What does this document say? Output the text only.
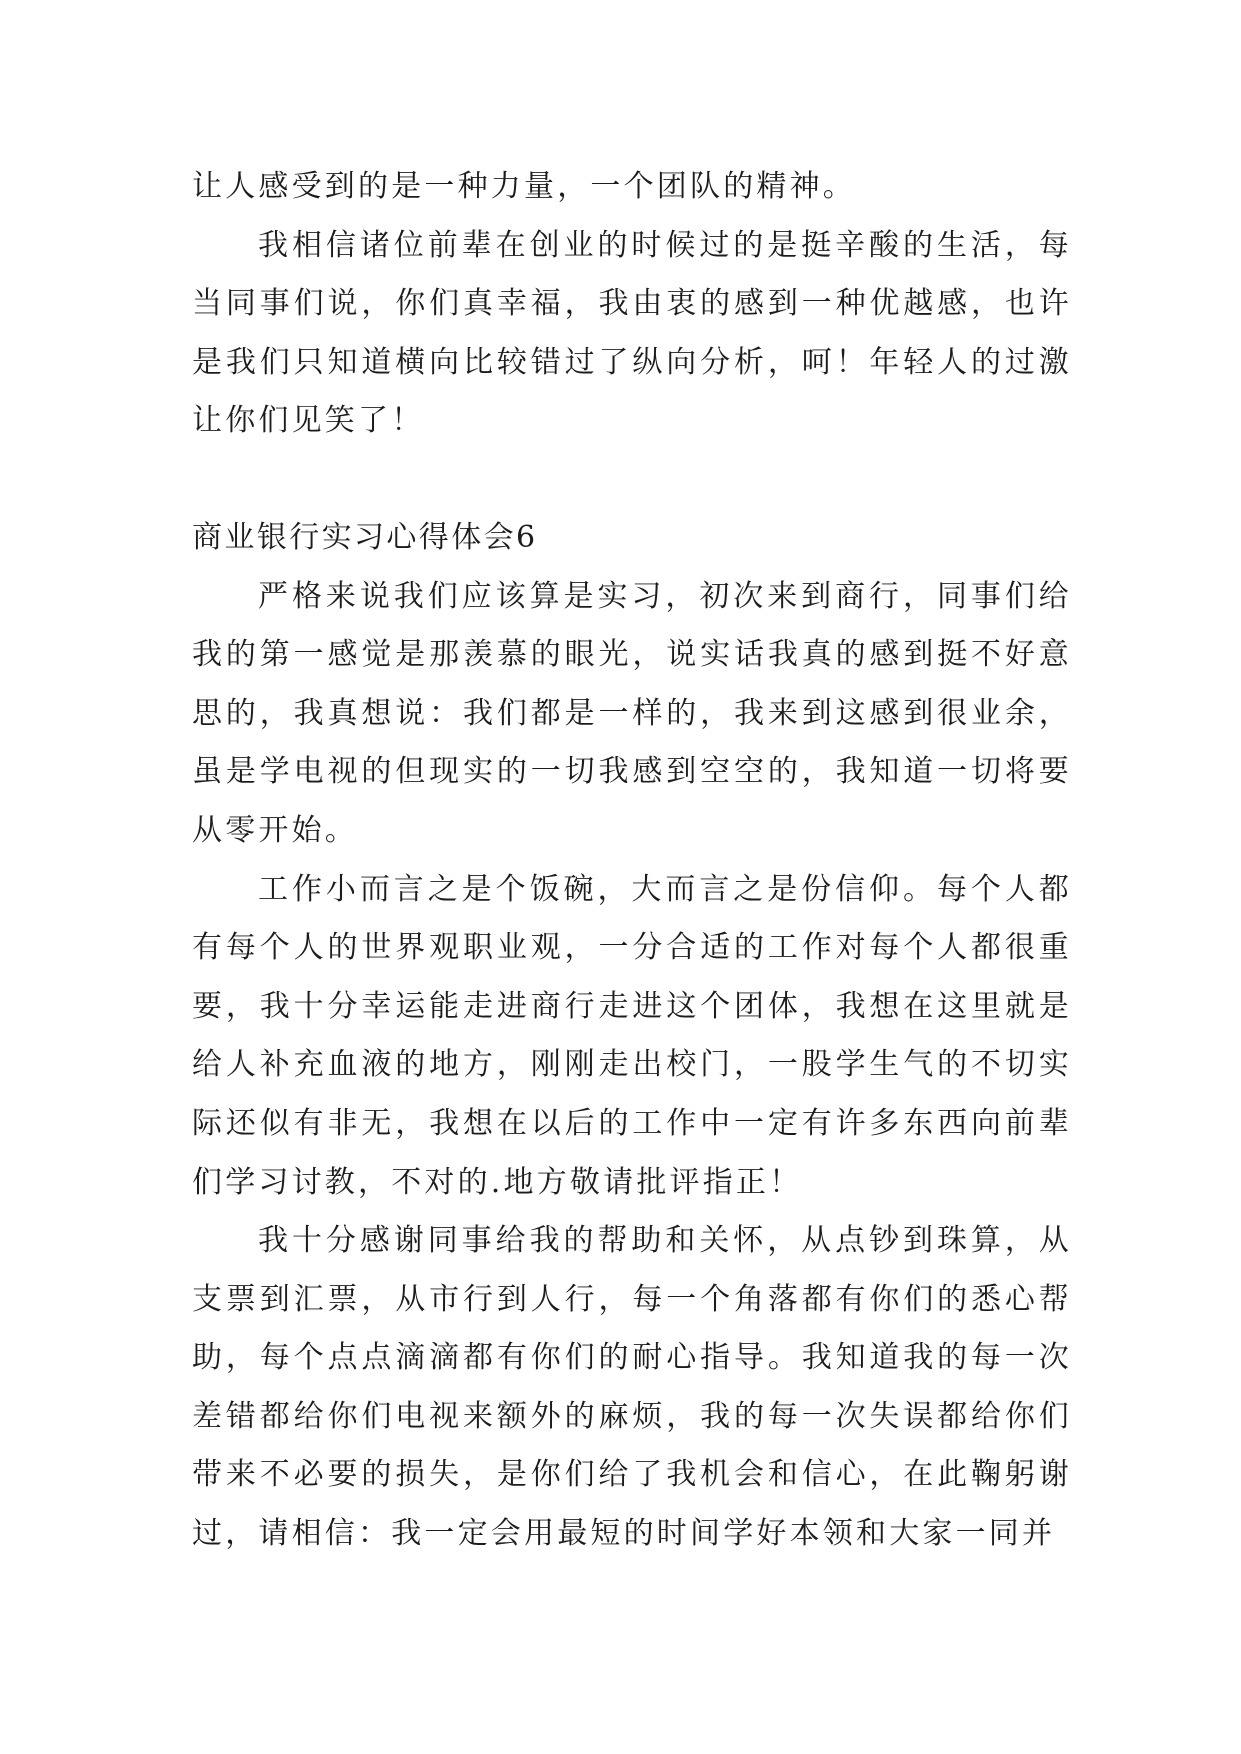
让人感受到的是一种力量，一个团队的精神。

我相信诸位前辈在创业的时候过的是挺辛酸的生活，每当同事们说，你们真幸福，我由衷的感到一种优越感，也许是我们只知道横向比较错过了纵向分析，呵！年轻人的过激让你们见笑了！

商业银行实习心得体会6

严格来说我们应该算是实习，初次来到商行，同事们给我的第一感觉是那羡慕的眼光，说实话我真的感到挺不好意思的，我真想说：我们都是一样的，我来到这感到很业余，虽是学电视的但现实的一切我感到空空的，我知道一切将要从零开始。

工作小而言之是个饭碗，大而言之是份信仰。每个人都有每个人的世界观职业观，一分合适的工作对每个人都很重要，我十分幸运能走进商行走进这个团体，我想在这里就是给人补充血液的地方，刚刚走出校门，一股学生气的不切实际还似有非无，我想在以后的工作中一定有许多东西向前辈们学习讨教，不对的.地方敬请批评指正！

我十分感谢同事给我的帮助和关怀，从点钞到珠算，从支票到汇票，从市行到人行，每一个角落都有你们的悉心帮助，每个点点滴滴都有你们的耐心指导。我知道我的每一次差错都给你们电视来额外的麻烦，我的每一次失误都给你们带来不必要的损失，是你们给了我机会和信心，在此鞠躬谢过，请相信：我一定会用最短的时间学好本领和大家一同并
